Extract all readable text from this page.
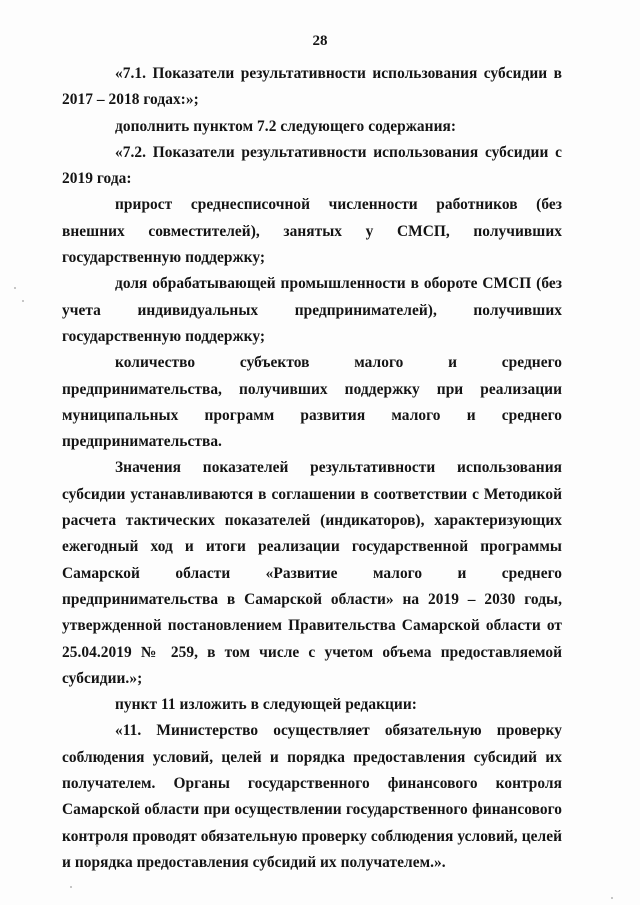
28

«7.1. Показатели результативности использования субсидии в 2017 – 2018 годах:»;

дополнить пунктом 7.2 следующего содержания:

«7.2. Показатели результативности использования субсидии с 2019 года:

прирост среднесписочной численности работников (без внешних совместителей), занятых у СМСП, получивших государственную поддержку;

доля обрабатывающей промышленности в обороте СМСП (без учета индивидуальных предпринимателей), получивших государственную поддержку;

количество субъектов малого и среднего предпринимательства, получивших поддержку при реализации муниципальных программ развития малого и среднего предпринимательства.

Значения показателей результативности использования субсидии устанавливаются в соглашении в соответствии с Методикой расчета тактических показателей (индикаторов), характеризующих ежегодный ход и итоги реализации государственной программы Самарской области «Развитие малого и среднего предпринимательства в Самарской области» на 2019 – 2030 годы, утвержденной постановлением Правительства Самарской области от 25.04.2019 № 259, в том числе с учетом объема предоставляемой субсидии.»;

пункт 11 изложить в следующей редакции:

«11. Министерство осуществляет обязательную проверку соблюдения условий, целей и порядка предоставления субсидий их получателем. Органы государственного финансового контроля Самарской области при осуществлении государственного финансового контроля проводят обязательную проверку соблюдения условий, целей и порядка предоставления субсидий их получателем.».
